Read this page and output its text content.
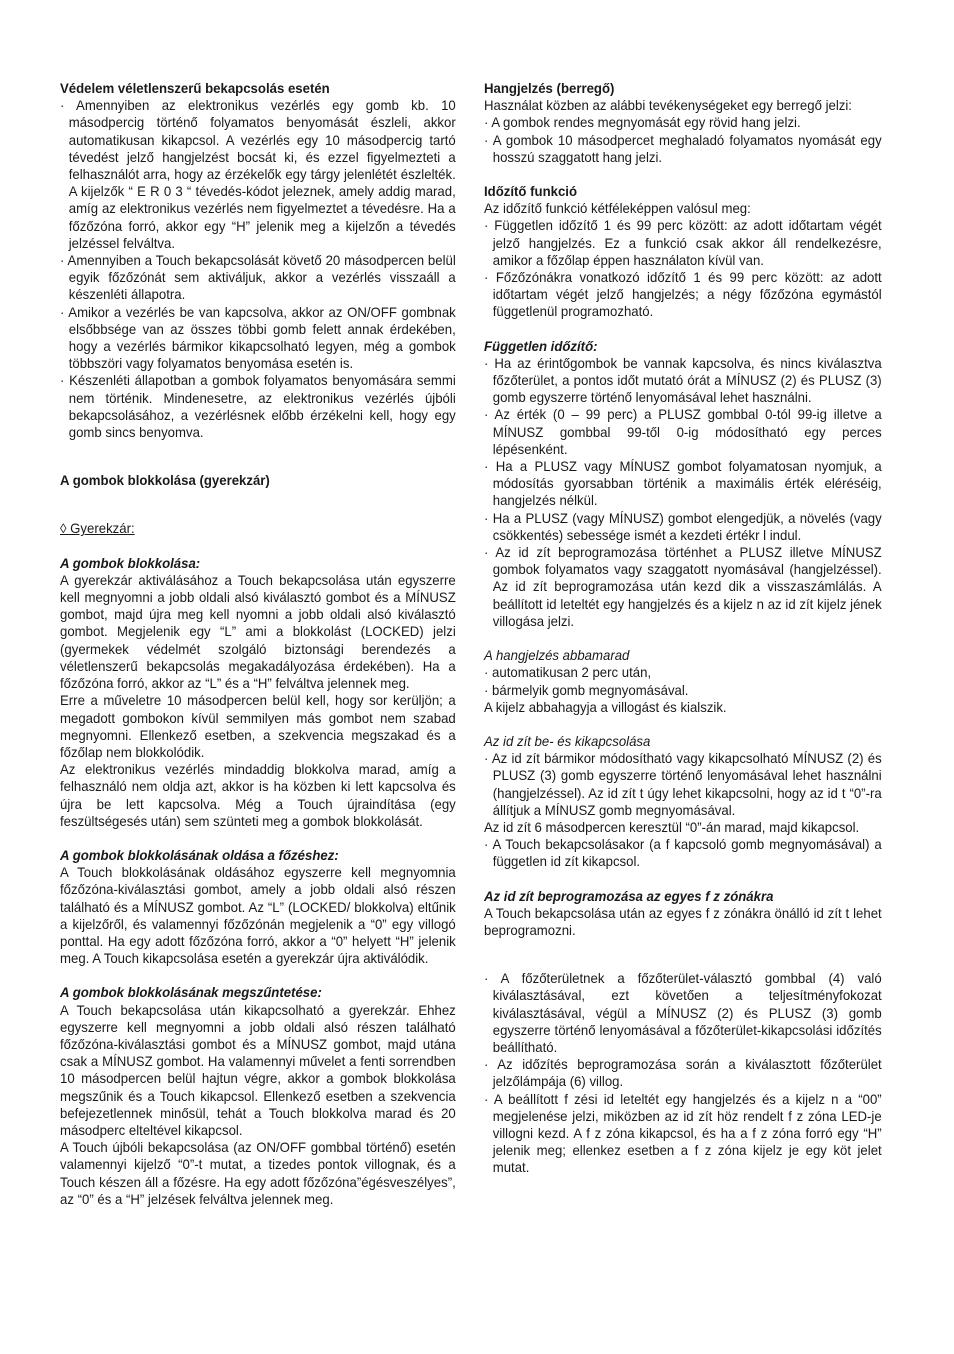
Védelem véletlenszerű bekapcsolás esetén

· Amennyiben az elektronikus vezérlés egy gomb kb. 10 másodpercig történő folyamatos benyomását észleli, akkor automatikusan kikapcsol. A vezérlés egy 10 másodpercig tartó tévedést jelző hangjelzést bocsát ki, és ezzel figyelmezteti a felhasználót arra, hogy az érzékelők egy tárgy jelenlétét észlelték. A kijelzők “ E R 0 3 “ tévedés-kódot jeleznek, amely addig marad, amíg az elektronikus vezérlés nem figyelmeztet a tévedésre. Ha a főzőzóna forró, akkor egy “H” jelenik meg a kijelzőn a tévedés jelzéssel felváltva.

· Amennyiben a Touch bekapcsolását követő 20 másodpercen belül egyik főzőzónát sem aktiváljuk, akkor a vezérlés visszaáll a készenléti állapotra.

· Amikor a vezérlés be van kapcsolva, akkor az ON/OFF gombnak elsőbbsége van az összes többi gomb felett annak érdekében, hogy a vezérlés bármikor kikapcsolható legyen, még a gombok többszöri vagy folyamatos benyomása esetén is.

· Készenléti állapotban a gombok folyamatos benyomására semmi nem történik. Mindenesetre, az elektronikus vezérlés újbóli bekapcsolásához, a vezérlésnek előbb érzékelni kell, hogy egy gomb sincs benyomva.

A gombok blokkolása (gyerekzár)

◊ Gyerekzár:

A gombok blokkolása:

A gyerekzár aktiválásához a Touch bekapcsolása után egyszerre kell megnyomni a jobb oldali alsó kiválasztó gombot és a MÍNUSZ gombot, majd újra meg kell nyomni a jobb oldali alsó kiválasztó gombot. Megjelenik egy “L” ami a blokkolást (LOCKED) jelzi (gyermekek védelmét szolgáló biztonsági berendezés a véletlenszerű bekapcsolás megakadályozása érdekében). Ha a főzőzóna forró, akkor az “L” és a “H” felváltva jelennek meg.

Erre a műveletre 10 másodpercen belül kell, hogy sor kerüljön; a megadott gombokon kívül semmilyen más gombot nem szabad megnyomni. Ellenkező esetben, a szekvencia megszakad és a főzőlap nem blokkolódik.

Az elektronikus vezérlés mindaddig blokkolva marad, amíg a felhasználó nem oldja azt, akkor is ha közben ki lett kapcsolva és újra be lett kapcsolva. Még a Touch újraindítása (egy feszültségesés után) sem szünteti meg a gombok blokkolását.

A gombok blokkolásának oldása a főzéshez:

A Touch blokkolásának oldásához egyszerre kell megnyomnia főzőzóna-kiválasztási gombot, amely a jobb oldali alsó részen található és a MÍNUSZ gombot. Az “L” (LOCKED/ blokkolva) eltűnik a kijelzőről, és valamennyi főzőzónán megjelenik a “0” egy villogó ponttal. Ha egy adott főzőzóna forró, akkor a “0” helyett “H” jelenik meg. A Touch kikapcsolása esetén a gyerekzár újra aktiválódik.

A gombok blokkolásának megszűntetése:

A Touch bekapcsolása után kikapcsolható a gyerekzár. Ehhez egyszerre kell megnyomni a jobb oldali alsó részen található főzőzóna-kiválasztási gombot és a MÍNUSZ gombot, majd utána csak a MÍNUSZ gombot. Ha valamennyi művelet a fenti sorrendben 10 másodpercen belül hajtun végre, akkor a gombok blokkolása megszűnik és a Touch kikapcsol. Ellenkező esetben a szekvencia befejezetlennek minősül, tehát a Touch blokkolva marad és 20 másodperc elteltével kikapcsol.

A Touch újbóli bekapcsolása (az ON/OFF gombbal történő) esetén valamennyi kijelző “0”-t mutat, a tizedes pontok villognak, és a Touch készen áll a főzésre. Ha egy adott főzőzóna”égésveszélyes”, az “0” és a “H” jelzések felváltva jelennek meg.

Hangjelzés (berregő)

Használat közben az alábbi tevékenységeket egy berregő jelzi:

· A gombok rendes megnyomását egy rövid hang jelzi.

· A gombok 10 másodpercet meghaladó folyamatos nyomását egy hosszú szaggatott hang jelzi.

Időzítő funkció

Az időzítő funkció kétféleképpen valósul meg:

· Független időzítő 1 és 99 perc között: az adott időtartam végét jelző hangjelzés. Ez a funkció csak akkor áll rendelkezésre, amikor a főzőlap éppen használaton kívül van.

· Főzőzónákra vonatkozó időzítő 1 és 99 perc között: az adott időtartam végét jelző hangjelzés; a négy főzőzóna egymástól függetlenül programozható.

Független időzítő:

· Ha az érintőgombok be vannak kapcsolva, és nincs kiválasztva főzőterület, a pontos időt mutató órát a MÍNUSZ (2) és PLUSZ (3) gomb egyszerre történő lenyomásával lehet használni.

· Az érték (0 – 99 perc) a PLUSZ gombbal 0-tól 99-ig illetve a MÍNUSZ gombbal 99-től 0-ig módosítható egy perces lépésenként.

· Ha a PLUSZ vagy MÍNUSZ gombot folyamatosan nyomjuk, a módosítás gyorsabban történik a maximális érték eléréséig, hangjelzés nélkül.

· Ha a PLUSZ (vagy MÍNUSZ) gombot elengedjük, a növelés (vagy csökkentés) sebessége ismét a kezdeti értékr l indul.

· Az id zít beprogramozása történhet a PLUSZ illetve MÍNUSZ gombok folyamatos vagy szaggatott nyomásával (hangjelzéssel). Az id zít beprogramozása után kezd dik a visszaszámlálás. A beállított id leteltét egy hangjelzés és a kijelz n az id zít kijelz jének villogása jelzi.

A hangjelzés abbamarad

· automatikusan 2 perc után,

· bármelyik gomb megnyomásával.

A kijelz abbahagyja a villogást és kialszik.

Az id zít be- és kikapcsolása

· Az id zít bármikor módosítható vagy kikapcsolható MÍNUSZ (2) és PLUSZ (3) gomb egyszerre történő lenyomásával lehet használni (hangjelzéssel). Az id zít t úgy lehet kikapcsolni, hogy az id t “0”-ra állítjuk a MÍNUSZ gomb megnyomásával.

Az id zít 6 másodpercen keresztül “0”-án marad, majd kikapcsol.

· A Touch bekapcsolásakor (a f kapcsoló gomb megnyomásával) a független id zít kikapcsol.

Az id zít beprogramozása az egyes f z zónákra

A Touch bekapcsolása után az egyes f z zónákra önálló id zít t lehet beprogramozni.

· A főzőterületnek a főzőterület-választó gombbal (4) való kiválasztásával, ezt követően a teljesítményfokozat kiválasztásával, végül a MÍNUSZ (2) és PLUSZ (3) gomb egyszerre történő lenyomásával a főzőterület-kikapcsolási időzítés beállítható.

· Az időzítés beprogramozása során a kiválasztott főzőterület jelzőlámpája (6) villog.

· A beállított f zési id leteltét egy hangjelzés és a kijelz n a “00” megjelenése jelzi, miközben az id zít höz rendelt f z zóna LED-je villogni kezd. A f z zóna kikapcsol, és ha a f z zóna forró egy “H” jelenik meg; ellenkez esetben a f z zóna kijelz je egy köt jelet mutat.
